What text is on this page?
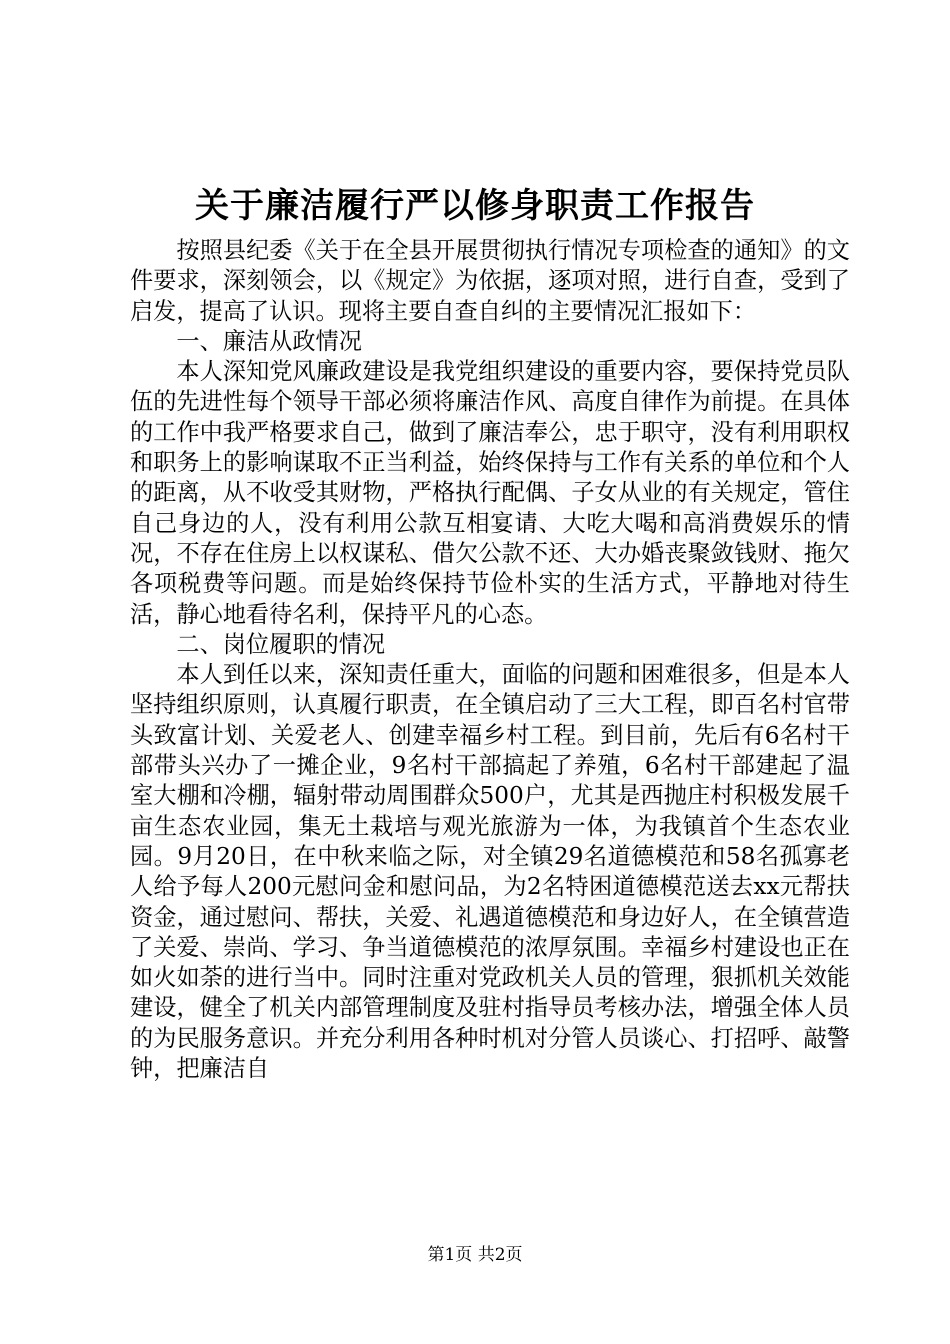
关于廉洁履行严以修身职责工作报告

按照县纪委《关于在全县开展贯彻执行情况专项检查的通知》的文件要求，深刻领会，以《规定》为依据，逐项对照，进行自查，受到了启发，提高了认识。现将主要自查自纠的主要情况汇报如下：

一、廉洁从政情况

本人深知党风廉政建设是我党组织建设的重要内容，要保持党员队伍的先进性每个领导干部必须将廉洁作风、高度自律作为前提。在具体的工作中我严格要求自己，做到了廉洁奉公，忠于职守，没有利用职权和职务上的影响谋取不正当利益，始终保持与工作有关系的单位和个人的距离，从不收受其财物，严格执行配偶、子女从业的有关规定，管住自己身边的人，没有利用公款互相宴请、大吃大喝和高消费娱乐的情况，不存在住房上以权谋私、借欠公款不还、大办婚丧聚敛钱财、拖欠各项税费等问题。而是始终保持节俭朴实的生活方式，平静地对待生活，静心地看待名利，保持平凡的心态。

二、岗位履职的情况

本人到任以来，深知责任重大，面临的问题和困难很多，但是本人坚持组织原则，认真履行职责，在全镇启动了三大工程，即百名村官带头致富计划、关爱老人、创建幸福乡村工程。到目前，先后有6名村干部带头兴办了一摊企业，9名村干部搞起了养殖，6名村干部建起了温室大棚和冷棚，辐射带动周围群众500户，尤其是西抛庄村积极发展千亩生态农业园，集无土栽培与观光旅游为一体，为我镇首个生态农业园。9月20日，在中秋来临之际，对全镇29名道德模范和58名孤寡老人给予每人200元慰问金和慰问品，为2名特困道德模范送去xx元帮扶资金，通过慰问、帮扶，关爱、礼遇道德模范和身边好人，在全镇营造了关爱、崇尚、学习、争当道德模范的浓厚氛围。幸福乡村建设也正在如火如荼的进行当中。同时注重对党政机关人员的管理，狠抓机关效能建设，健全了机关内部管理制度及驻村指导员考核办法，增强全体人员的为民服务意识。并充分利用各种时机对分管人员谈心、打招呼、敲警钟，把廉洁自

第1页 共2页
